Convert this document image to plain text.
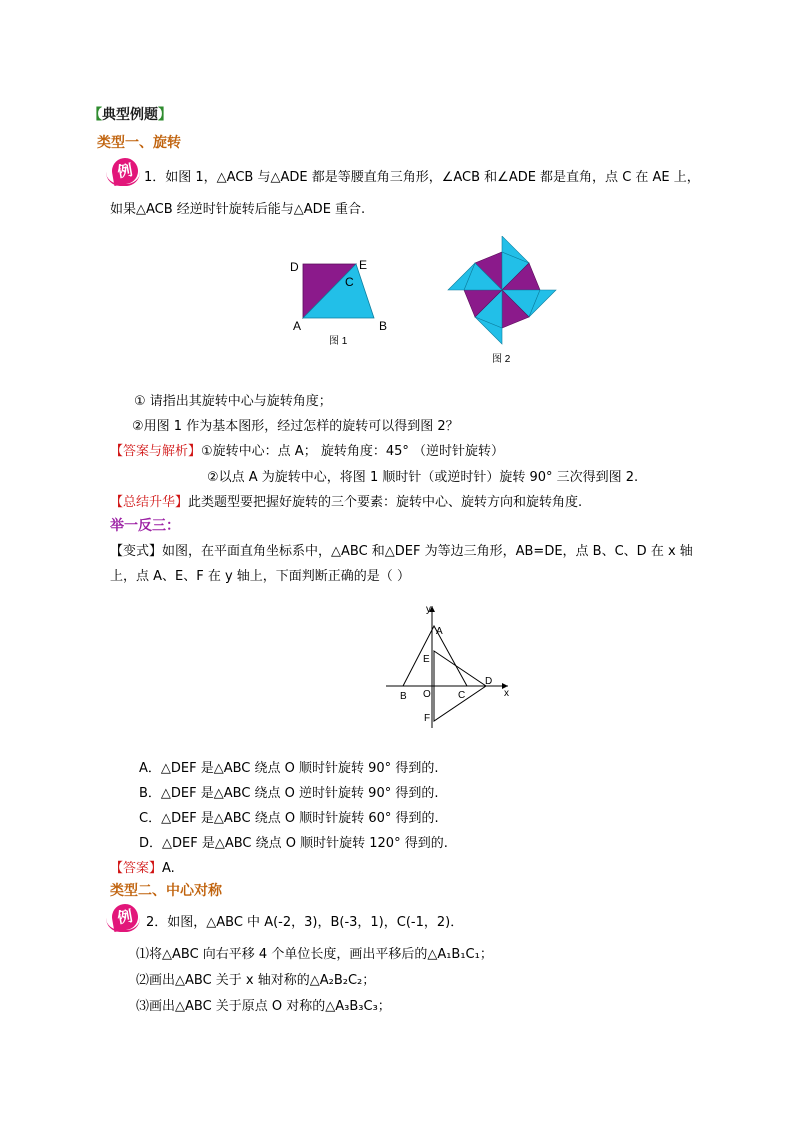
【典型例题】
类型一、旋转
例 1．如图 1，△ACB 与△ADE 都是等腰直角三角形，∠ACB 和∠ADE 都是直角，点 C 在 AE 上，
如果△ACB 经逆时针旋转后能与△ADE 重合.
D	E
C
A	B
图 1
图 2
① 请指出其旋转中心与旋转角度；
②用图 1 作为基本图形，经过怎样的旋转可以得到图 2？
【答案与解析】①旋转中心：点 A； 旋转角度：45° （逆时针旋转）
②以点 A 为旋转中心，将图 1 顺时针（或逆时针）旋转 90° 三次得到图 2.
【总结升华】此类题型要把握好旋转的三个要素：旋转中心、旋转方向和旋转角度.
举一反三：
【变式】如图，在平面直角坐标系中，△ABC 和△DEF 为等边三角形，AB=DE，点 B、C、D 在 x 轴
上，点 A、E、F 在 y 轴上，下面判断正确的是（ ）
y
x
A
E
O
B	C
D
F
A．△DEF 是△ABC 绕点 O 顺时针旋转 90° 得到的.
B．△DEF 是△ABC 绕点 O 逆时针旋转 90° 得到的.
C．△DEF 是△ABC 绕点 O 顺时针旋转 60° 得到的.
D．△DEF 是△ABC 绕点 O 顺时针旋转 120° 得到的.
【答案】A.
类型二、中心对称
例 2．如图，△ABC 中 A(-2，3)，B(-3，1)，C(-1，2)．
⑴将△ABC 向右平移 4 个单位长度，画出平移后的△A₁B₁C₁；
⑵画出△ABC 关于 x 轴对称的△A₂B₂C₂；
⑶画出△ABC 关于原点 O 对称的△A₃B₃C₃；
